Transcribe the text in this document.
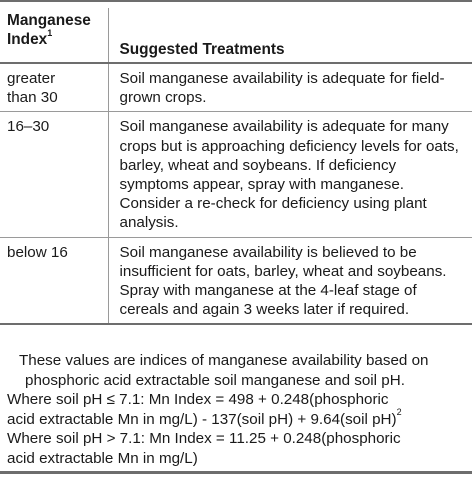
Manganese Index$^1$	Suggested Treatments
greater than 30	Soil manganese availability is adequate for field-grown crops.
16–30	Soil manganese availability is adequate for many crops but is approaching deficiency levels for oats, barley, wheat and soybeans. If deficiency symptoms appear, spray with manganese. Consider a re-check for deficiency using plant analysis.
below 16	Soil manganese availability is believed to be insufficient for oats, barley, wheat and soybeans. Spray with manganese at the 4-leaf stage of cereals and again 3 weeks later if required.
These values are indices of manganese availability based on phosphoric acid extractable soil manganese and soil pH.
Where soil pH ≤ 7.1: Mn Index = 498 + 0.248(phosphoric
acid extractable Mn in mg/L) - 137(soil pH) + 9.64(soil pH)$^2$
Where soil pH > 7.1: Mn Index = 11.25 + 0.248(phosphoric
acid extractable Mn in mg/L)
